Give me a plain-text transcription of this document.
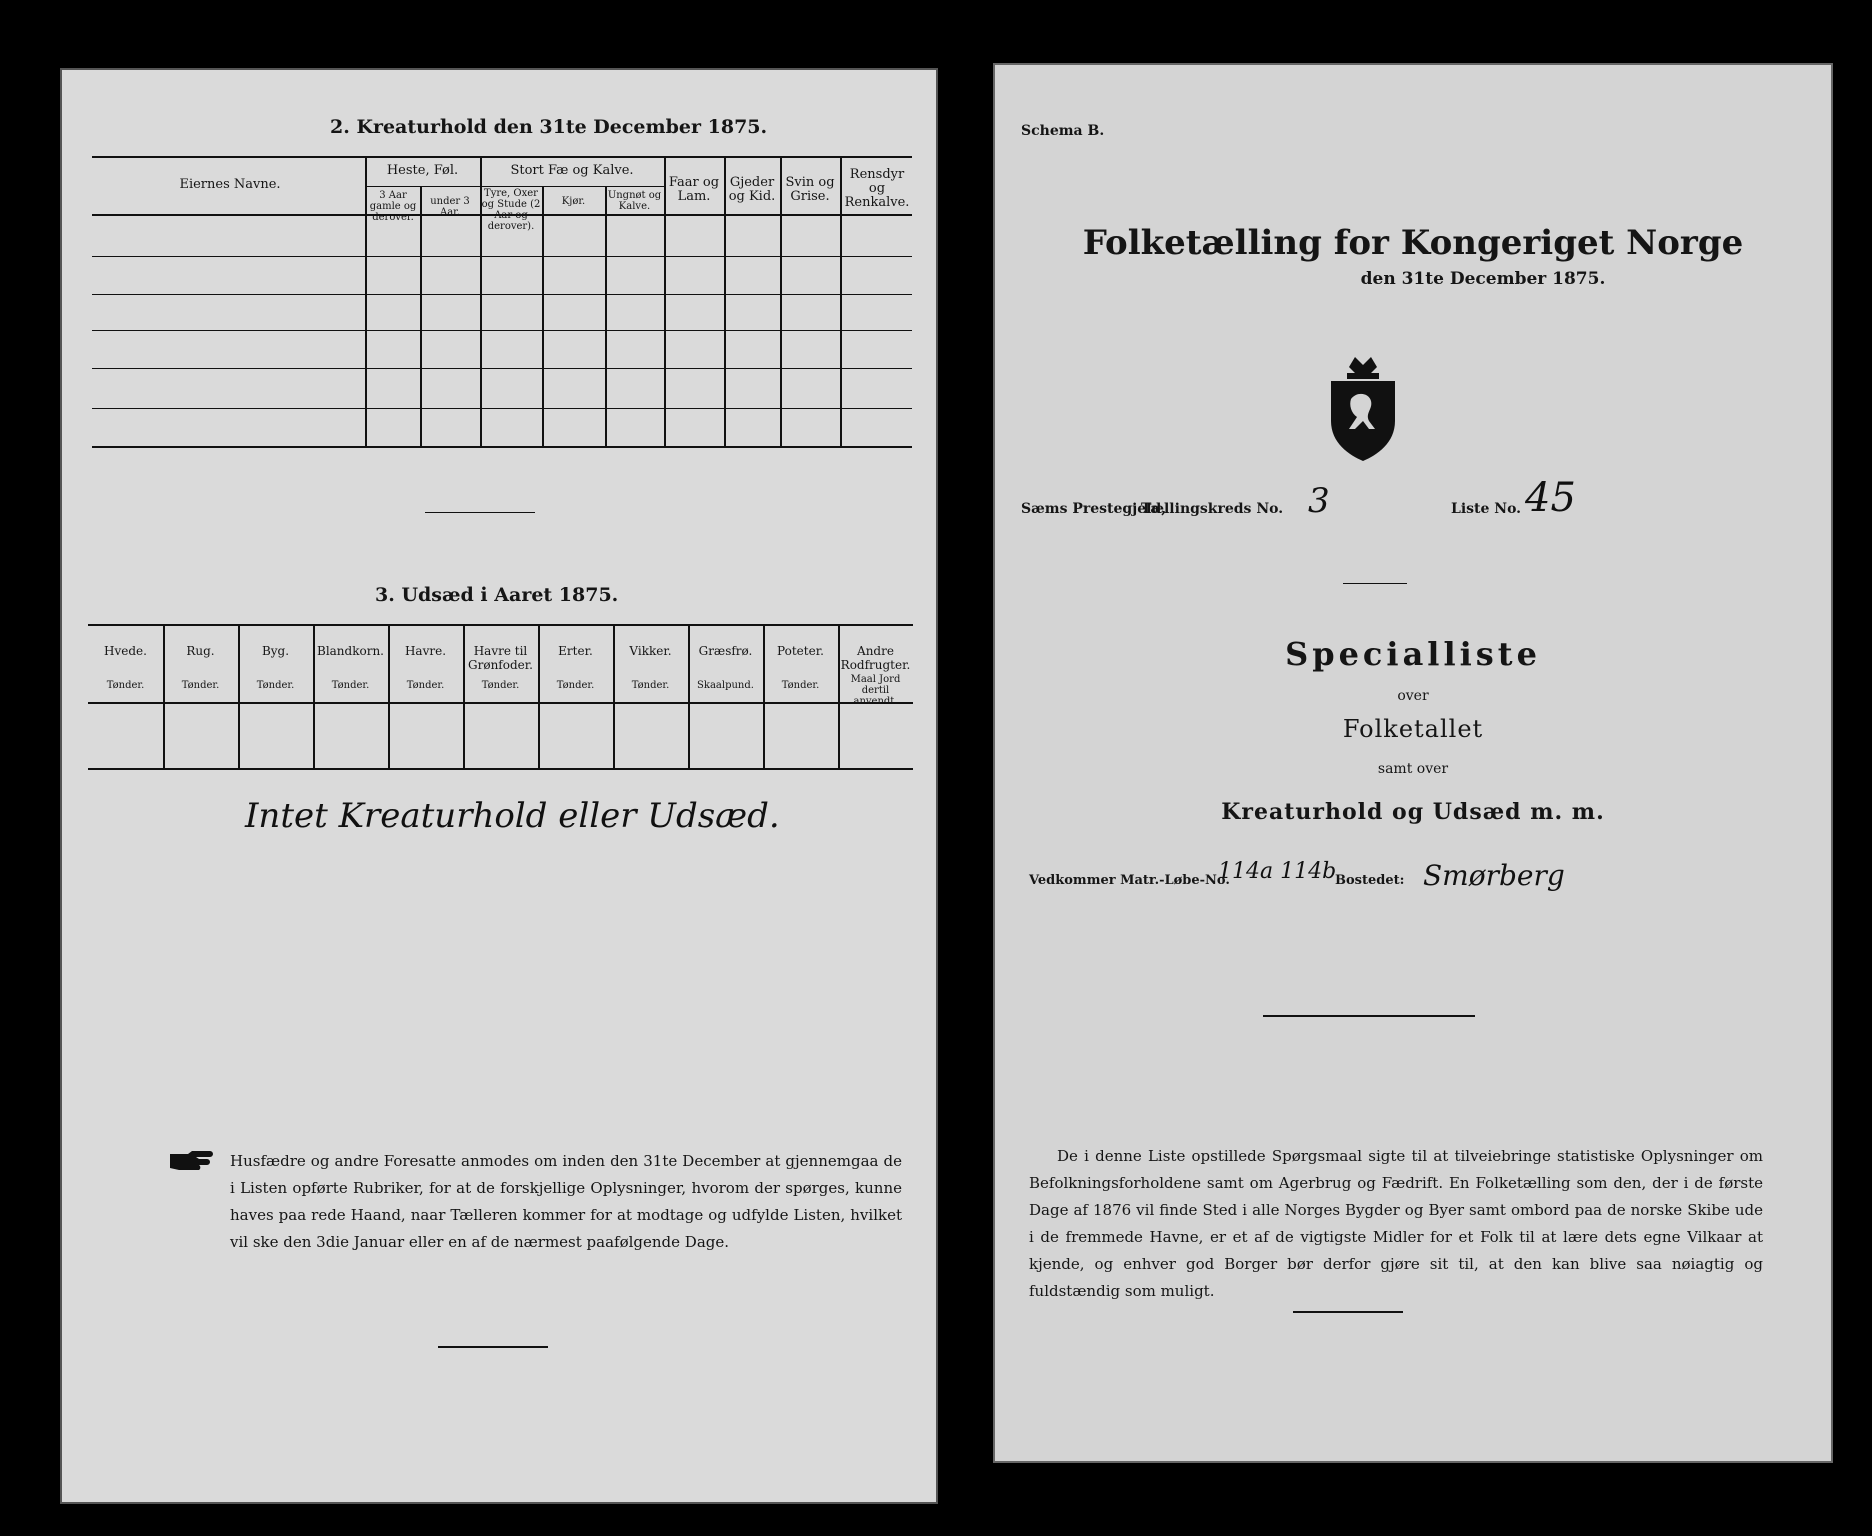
2. Kreaturhold den 31te December 1875.
Eiernes Navne.
Heste, Føl.
3 Aar gamle og derover.
under 3 Aar.
Stort Fæ og Kalve.
Tyre, Oxer og Stude (2 Aar og derover).
Kjør.
Ungnøt og Kalve.
Faar og Lam.
Gjeder og Kid.
Svin og Grise.
Rensdyr og Renkalve.
3. Udsæd i Aaret 1875.
Hvede.
Tønder.
Rug.
Tønder.
Byg.
Tønder.
Blandkorn.
Tønder.
Havre.
Tønder.
Havre til Grønfoder.
Tønder.
Erter.
Tønder.
Vikker.
Tønder.
Græsfrø.
Skaalpund.
Poteter.
Tønder.
Andre Rodfrugter.
Maal Jord dertil anvendt.
Intet Kreaturhold eller Udsæd.
Husfædre og andre Foresatte anmodes om inden den 31te December at gjennemgaa de i Listen opførte Rubriker, for at de forskjellige Oplysninger, hvorom der spørges, kunne haves paa rede Haand, naar Tælleren kommer for at modtage og udfylde Listen, hvilket vil ske den 3die Januar eller en af de nærmest paafølgende Dage.
Schema B.
Folketælling for Kongeriget Norge
den 31te December 1875.
Sæms Prestegjeld,
Tællingskreds No. 3	Liste No. 45
Specialliste
over
Folketallet
samt over
Kreaturhold og Udsæd m. m.
Vedkommer Matr.-Løbe-No.
114a 114b
Bostedet: Smørberg
De i denne Liste opstillede Spørgsmaal sigte til at tilveiebringe statistiske Oplysninger om Befolkningsforholdene samt om Agerbrug og Fædrift. En Folketælling som den, der i de første Dage af 1876 vil finde Sted i alle Norges Bygder og Byer samt ombord paa de norske Skibe ude i de fremmede Havne, er et af de vigtigste Midler for et Folk til at lære dets egne Vilkaar at kjende, og enhver god Borger bør derfor gjøre sit til, at den kan blive saa nøiagtig og fuldstændig som muligt.
